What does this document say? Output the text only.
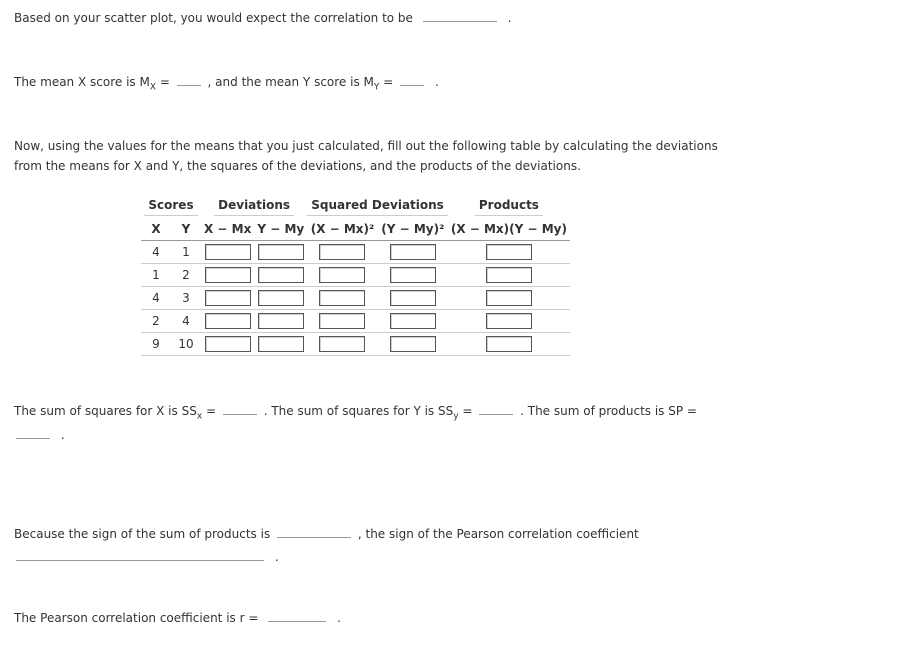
Based on your scatter plot, you would expect the correlation to be	.
The mean X score is $M_X$ =	, and the mean Y score is $M_Y$ =	.
Now, using the values for the means that you just calculated, fill out the following table by calculating the deviations from the means for X and Y, the squares of the deviations, and the products of the deviations.
Scores		Deviations		Squared Deviations		Products
X	Y	X − Mx	Y − My	(X − Mx)²	(Y − My)²	(X − Mx)(Y − My)
4	1	

1	2	

4	3	

2	4	

9	10	

The sum of squares for X is $SS_x$ =	. The sum of squares for Y is $SS_y$ =	. The sum of products is SP =
.
Because the sign of the sum of products is	, the sign of the Pearson correlation coefficient
.
The Pearson correlation coefficient is r =	.
